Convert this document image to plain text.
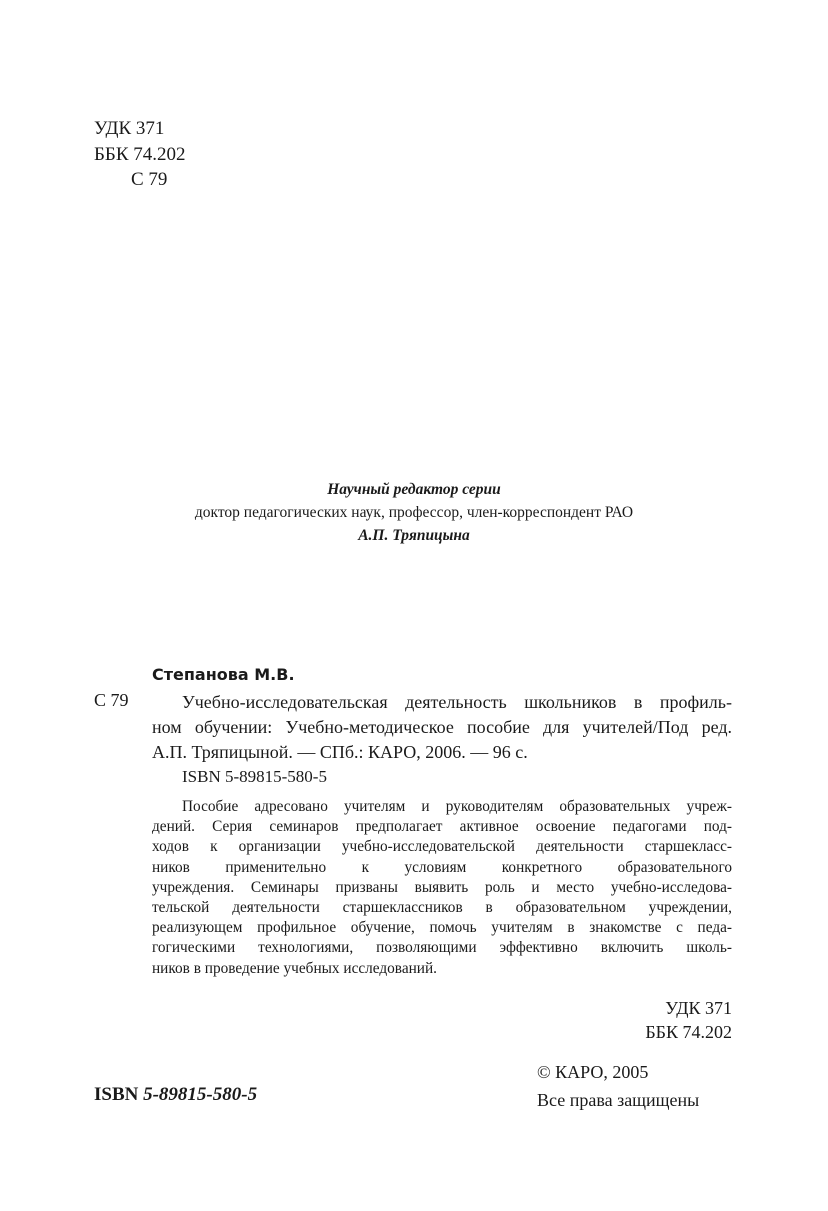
УДК 371
ББК 74.202
С 79
Научный редактор серии
доктор педагогических наук, профессор, член-корреспондент РАО
А.П. Тряпицына
Степанова М.В.
С 79	Учебно-исследовательская деятельность школьников в профиль-
ном обучении: Учебно-методическое пособие для учителей/Под ред.
А.П. Тряпицыной. — СПб.: КАРО, 2006. — 96 с.
ISBN 5-89815-580-5
Пособие адресовано учителям и руководителям образовательных учреж-
дений. Серия семинаров предполагает активное освоение педагогами под-
ходов к организации учебно-исследовательской деятельности старшекласс-
ников применительно к условиям конкретного образовательного
учреждения. Семинары призваны выявить роль и место учебно-исследова-
тельской деятельности старшеклассников в образовательном учреждении,
реализующем профильное обучение, помочь учителям в знакомстве с педа-
гогическими технологиями, позволяющими эффективно включить школь-
ников в проведение учебных исследований.
УДК 371
ББК 74.202
© КАРО, 2005
Все права защищены
ISBN 5-89815-580-5
